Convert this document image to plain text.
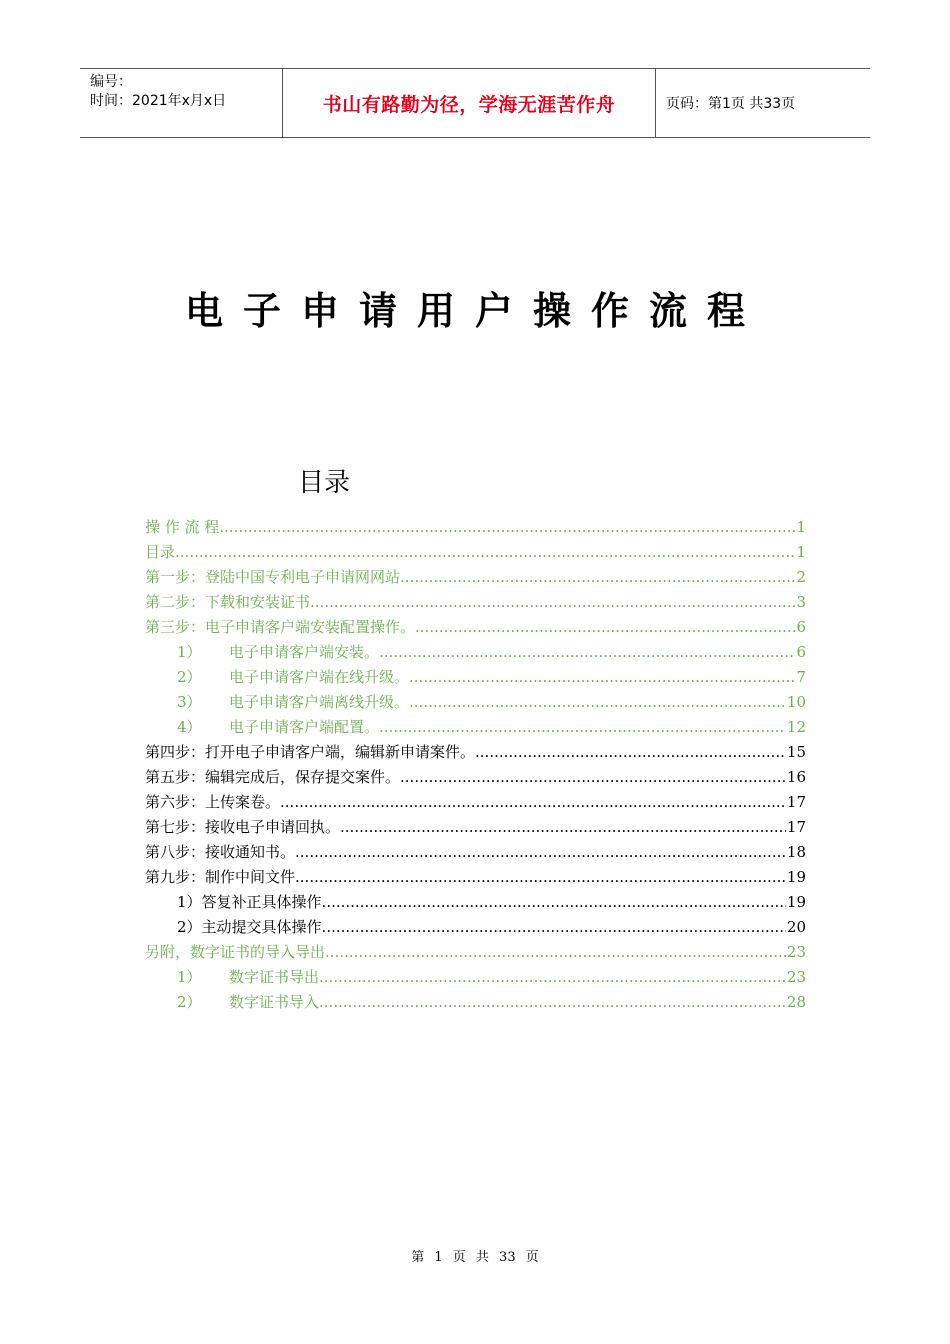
编号：
时间：2021年x月x日	书山有路勤为径，学海无涯苦作舟	页码：第1页 共33页
电子申请用户操作流程
目录
操 作 流 程 .....	1
目录 .....	1
第一步：登陆中国专利电子申请网网站 .....	2
第二步：下载和安装证书 .....	3
第三步：电子申请客户端安装配置操作。 .....	6
1） 电子申请客户端安装。 .....	6
2） 电子申请客户端在线升级。 .....	7
3） 电子申请客户端离线升级。 .....	10
4） 电子申请客户端配置。 .....	12
第四步：打开电子申请客户端，编辑新申请案件。 .....	15
第五步：编辑完成后，保存提交案件。 .....	16
第六步：上传案卷。 .....	17
第七步：接收电子申请回执。 .....	17
第八步：接收通知书。 .....	18
第九步：制作中间文件 .....	19
1）答复补正具体操作 .....	19
2）主动提交具体操作 .....	20
另附，数字证书的导入导出 .....	23
1） 数字证书导出 .....	23
2） 数字证书导入 .....	28
第 1 页 共 33 页
